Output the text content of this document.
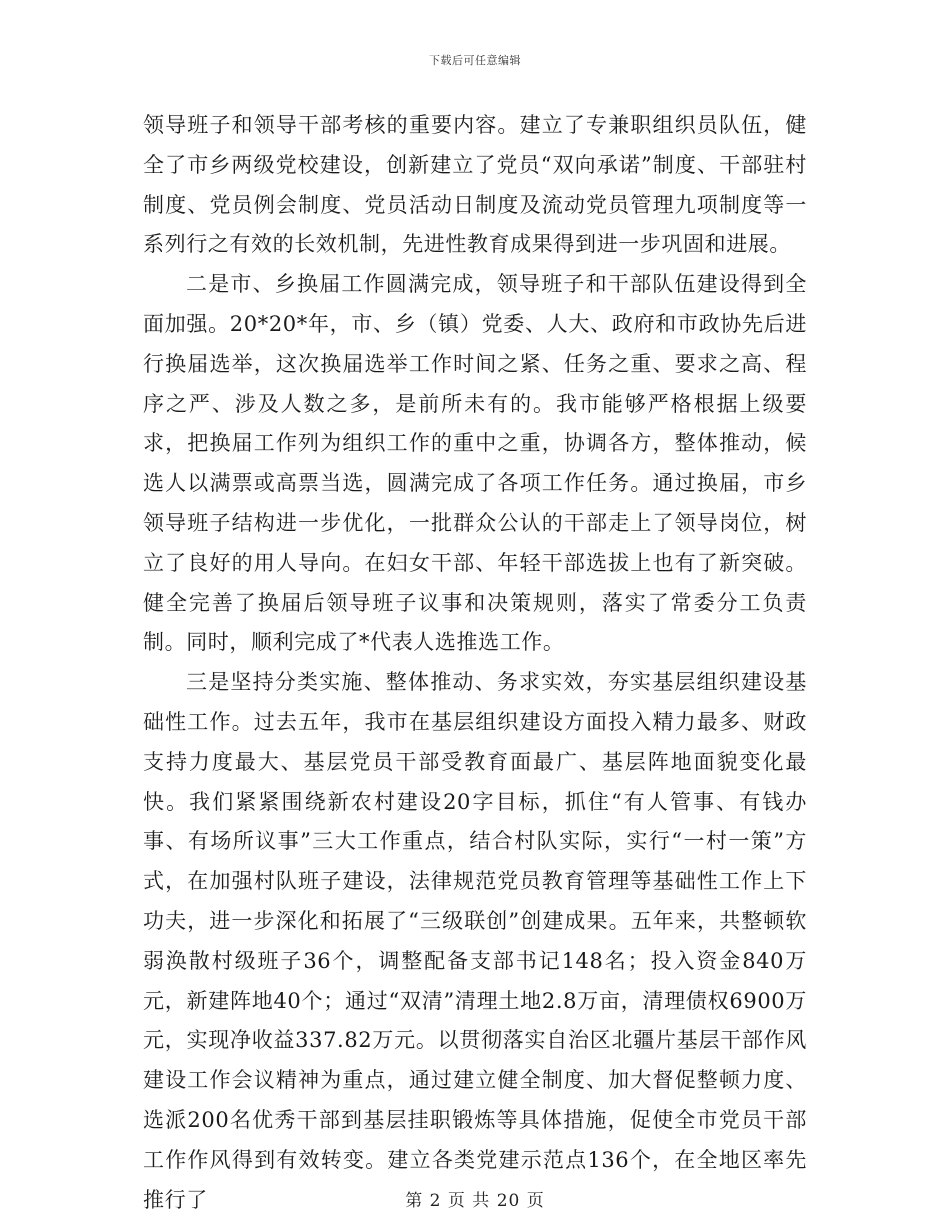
下载后可任意编辑

领导班子和领导干部考核的重要内容。建立了专兼职组织员队伍，健全了市乡两级党校建设，创新建立了党员“双向承诺”制度、干部驻村制度、党员例会制度、党员活动日制度及流动党员管理九项制度等一系列行之有效的长效机制，先进性教育成果得到进一步巩固和进展。

二是市、乡换届工作圆满完成，领导班子和干部队伍建设得到全面加强。20*20*年，市、乡（镇）党委、人大、政府和市政协先后进行换届选举，这次换届选举工作时间之紧、任务之重、要求之高、程序之严、涉及人数之多，是前所未有的。我市能够严格根据上级要求，把换届工作列为组织工作的重中之重，协调各方，整体推动，候选人以满票或高票当选，圆满完成了各项工作任务。通过换届，市乡领导班子结构进一步优化，一批群众公认的干部走上了领导岗位，树立了良好的用人导向。在妇女干部、年轻干部选拔上也有了新突破。健全完善了换届后领导班子议事和决策规则，落实了常委分工负责制。同时，顺利完成了*代表人选推选工作。

三是坚持分类实施、整体推动、务求实效，夯实基层组织建设基础性工作。过去五年，我市在基层组织建设方面投入精力最多、财政支持力度最大、基层党员干部受教育面最广、基层阵地面貌变化最快。我们紧紧围绕新农村建设20字目标，抓住“有人管事、有钱办事、有场所议事”三大工作重点，结合村队实际，实行“一村一策”方式，在加强村队班子建设，法律规范党员教育管理等基础性工作上下功夫，进一步深化和拓展了“三级联创”创建成果。五年来，共整顿软弱涣散村级班子36个，调整配备支部书记148名；投入资金840万元，新建阵地40个；通过“双清”清理土地2.8万亩，清理债权6900万元，实现净收益337.82万元。以贯彻落实自治区北疆片基层干部作风建设工作会议精神为重点，通过建立健全制度、加大督促整顿力度、选派200名优秀干部到基层挂职锻炼等具体措施，促使全市党员干部工作作风得到有效转变。建立各类党建示范点136个，在全地区率先推行了	第 2 页 共 20 页
